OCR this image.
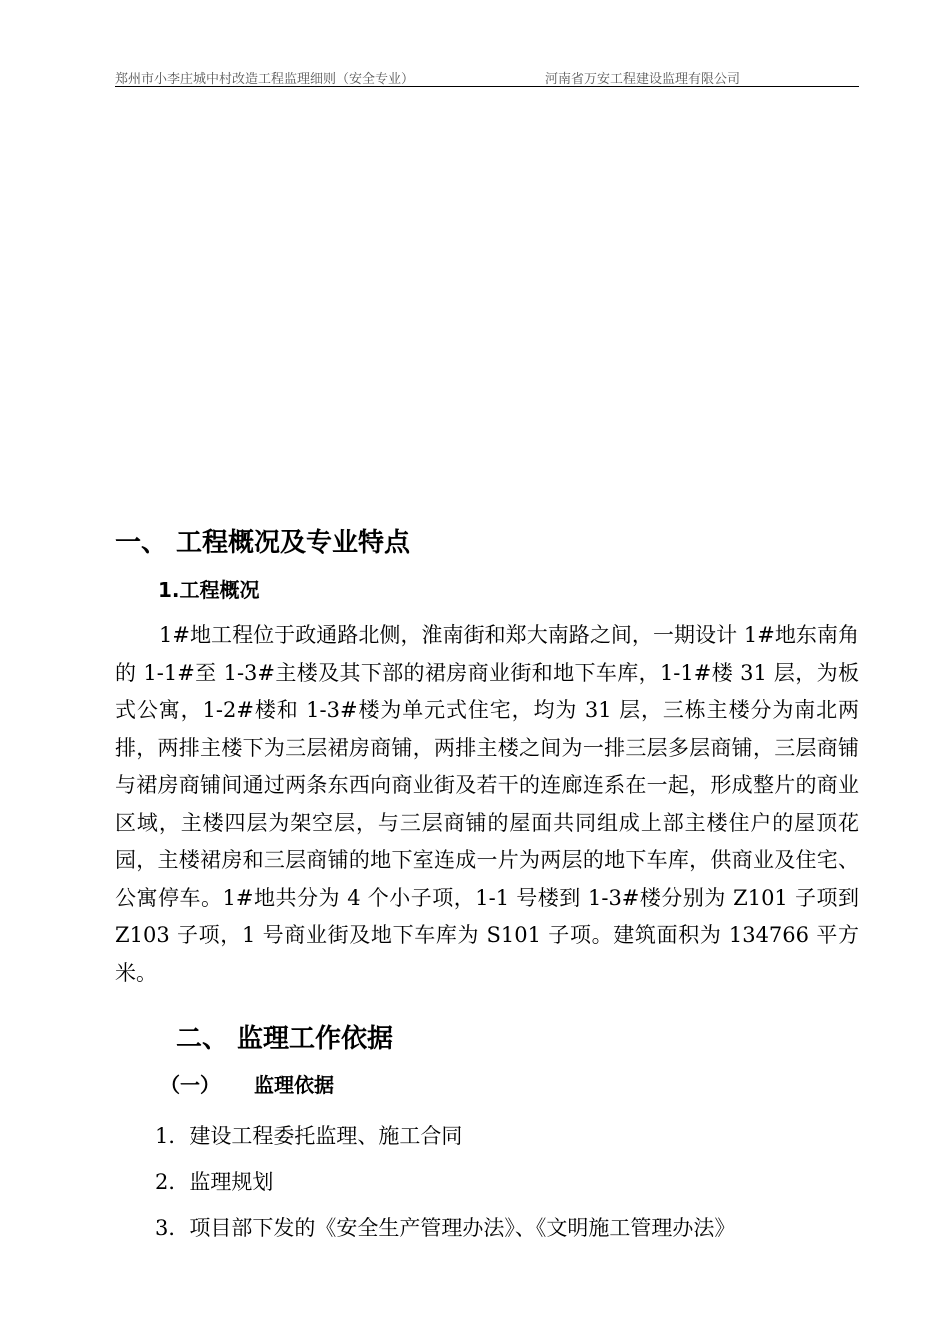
郑州市小李庄城中村改造工程监理细则（安全专业）	河南省万安工程建设监理有限公司
一、 工程概况及专业特点
1.工程概况

1#地工程位于政通路北侧，淮南街和郑大南路之间，一期设计 1#地东南角的 1-1#至 1-3#主楼及其下部的裙房商业街和地下车库，1-1#楼 31 层，为板式公寓，1-2#楼和 1-3#楼为单元式住宅，均为 31 层，三栋主楼分为南北两排，两排主楼下为三层裙房商铺，两排主楼之间为一排三层多层商铺，三层商铺与裙房商铺间通过两条东西向商业街及若干的连廊连系在一起，形成整片的商业区域，主楼四层为架空层，与三层商铺的屋面共同组成上部主楼住户的屋顶花园，主楼裙房和三层商铺的地下室连成一片为两层的地下车库，供商业及住宅、公寓停车。1#地共分为 4 个小子项，1-1 号楼到 1-3#楼分别为 Z101 子项到 Z103 子项，1 号商业街及地下车库为 S101 子项。建筑面积为 134766 平方米。

二、 监理工作依据
（一） 监理依据
1．建设工程委托监理、施工合同
2．监理规划
3．项目部下发的《安全生产管理办法》、《文明施工管理办法》
